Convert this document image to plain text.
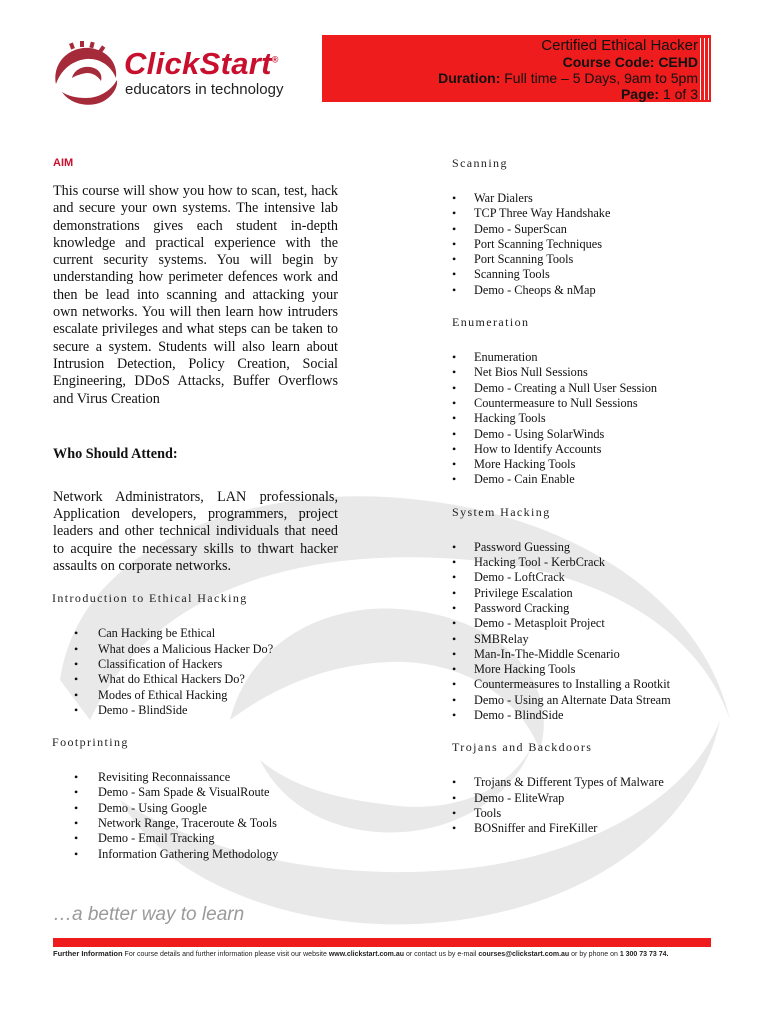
ClickStart®
educators in technology
Certified Ethical Hacker
Course Code: CEHD
Duration: Full time – 5 Days, 9am to 5pm
Page: 1 of 3
AIM

This course will show you how to scan, test, hack and secure your own systems. The intensive lab demonstrations gives each student in-depth knowledge and practical experience with the current security systems. You will begin by understanding how perimeter defences work and then be lead into scanning and attacking your own networks. You will then learn how intruders escalate privileges and what steps can be taken to secure a system. Students will also learn about Intrusion Detection, Policy Creation, Social Engineering, DDoS Attacks, Buffer Overflows and Virus Creation

Who Should Attend:

Network Administrators, LAN professionals, Application developers, programmers, project leaders and other technical individuals that need to acquire the necessary skills to thwart hacker assaults on corporate networks.

Introduction to Ethical Hacking
• Can Hacking be Ethical
• What does a Malicious Hacker Do?
• Classification of Hackers
• What do Ethical Hackers Do?
• Modes of Ethical Hacking
• Demo - BlindSide
Footprinting
• Revisiting Reconnaissance
• Demo - Sam Spade & VisualRoute
• Demo - Using Google
• Network Range, Traceroute & Tools
• Demo - Email Tracking
• Information Gathering Methodology
Scanning
• War Dialers
• TCP Three Way Handshake
• Demo - SuperScan
• Port Scanning Techniques
• Port Scanning Tools
• Scanning Tools
• Demo - Cheops & nMap
Enumeration
• Enumeration
• Net Bios Null Sessions
• Demo - Creating a Null User Session
• Countermeasure to Null Sessions
• Hacking Tools
• Demo - Using SolarWinds
• How to Identify Accounts
• More Hacking Tools
• Demo - Cain Enable
System Hacking
• Password Guessing
• Hacking Tool - KerbCrack
• Demo - LoftCrack
• Privilege Escalation
• Password Cracking
• Demo - Metasploit Project
• SMBRelay
• Man-In-The-Middle Scenario
• More Hacking Tools
• Countermeasures to Installing a Rootkit
• Demo - Using an Alternate Data Stream
• Demo - BlindSide
Trojans and Backdoors
• Trojans & Different Types of Malware
• Demo - EliteWrap
• Tools
• BOSniffer and FireKiller
…a better way to learn
Further Information For course details and further information please visit our website www.clickstart.com.au or contact us by e-mail courses@clickstart.com.au or by phone on 1 300 73 73 74.
